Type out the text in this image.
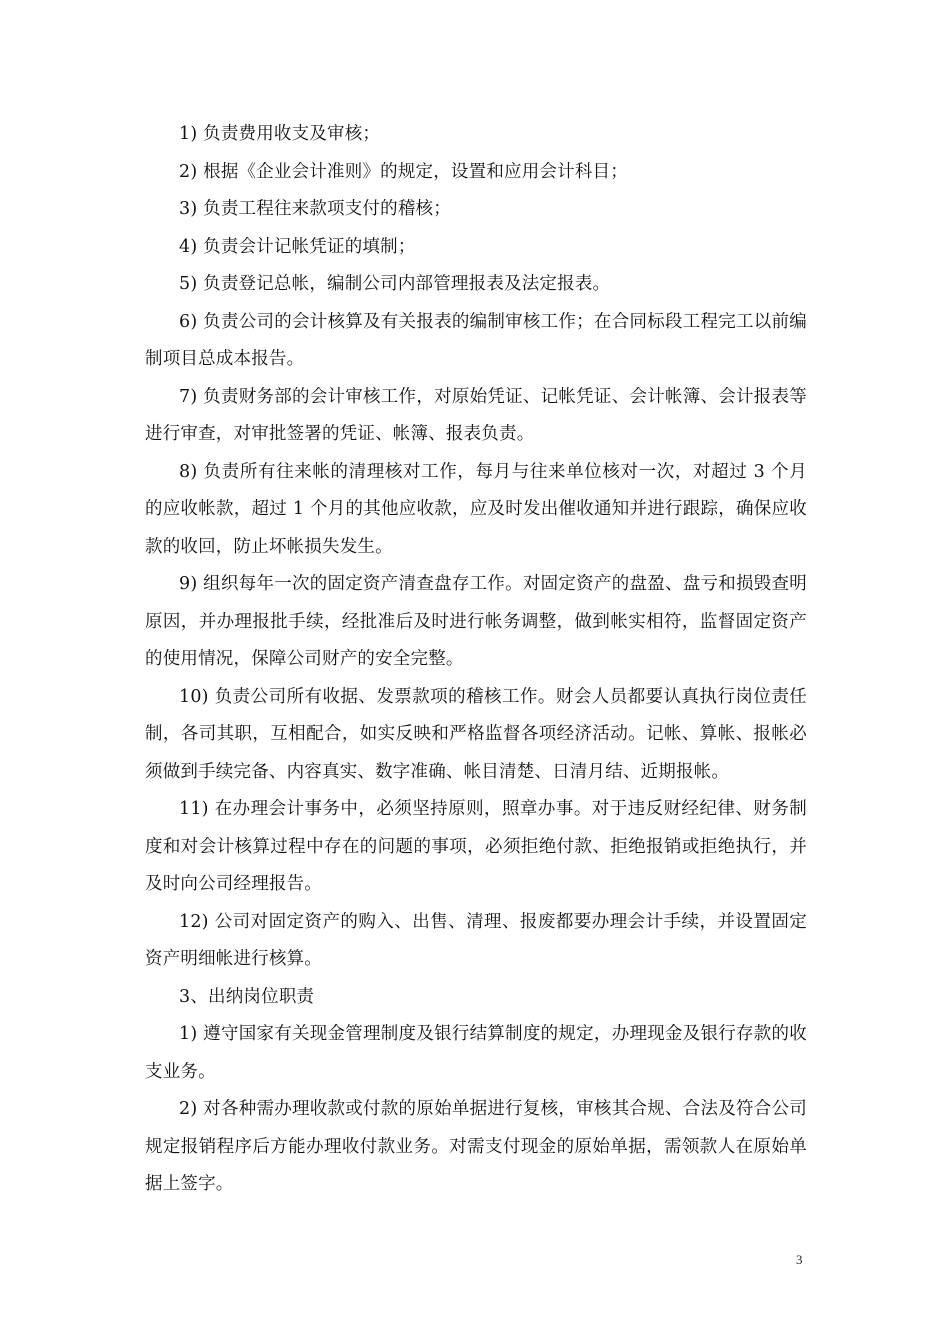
1) 负责费用收支及审核；

2) 根据《企业会计准则》的规定，设置和应用会计科目；

3) 负责工程往来款项支付的稽核；

4) 负责会计记帐凭证的填制；

5) 负责登记总帐，编制公司内部管理报表及法定报表。

6) 负责公司的会计核算及有关报表的编制审核工作；在合同标段工程完工以前编制项目总成本报告。

7) 负责财务部的会计审核工作，对原始凭证、记帐凭证、会计帐簿、会计报表等进行审查，对审批签署的凭证、帐簿、报表负责。

8) 负责所有往来帐的清理核对工作，每月与往来单位核对一次，对超过 3 个月的应收帐款，超过 1 个月的其他应收款，应及时发出催收通知并进行跟踪，确保应收款的收回，防止坏帐损失发生。

9) 组织每年一次的固定资产清查盘存工作。对固定资产的盘盈、盘亏和损毁查明原因，并办理报批手续，经批准后及时进行帐务调整，做到帐实相符，监督固定资产的使用情况，保障公司财产的安全完整。

10) 负责公司所有收据、发票款项的稽核工作。财会人员都要认真执行岗位责任制，各司其职，互相配合，如实反映和严格监督各项经济活动。记帐、算帐、报帐必须做到手续完备、内容真实、数字准确、帐目清楚、日清月结、近期报帐。

11) 在办理会计事务中，必须坚持原则，照章办事。对于违反财经纪律、财务制度和对会计核算过程中存在的问题的事项，必须拒绝付款、拒绝报销或拒绝执行，并及时向公司经理报告。

12) 公司对固定资产的购入、出售、清理、报废都要办理会计手续，并设置固定资产明细帐进行核算。

3、出纳岗位职责

1) 遵守国家有关现金管理制度及银行结算制度的规定，办理现金及银行存款的收支业务。

2) 对各种需办理收款或付款的原始单据进行复核，审核其合规、合法及符合公司规定报销程序后方能办理收付款业务。对需支付现金的原始单据，需领款人在原始单据上签字。

3
